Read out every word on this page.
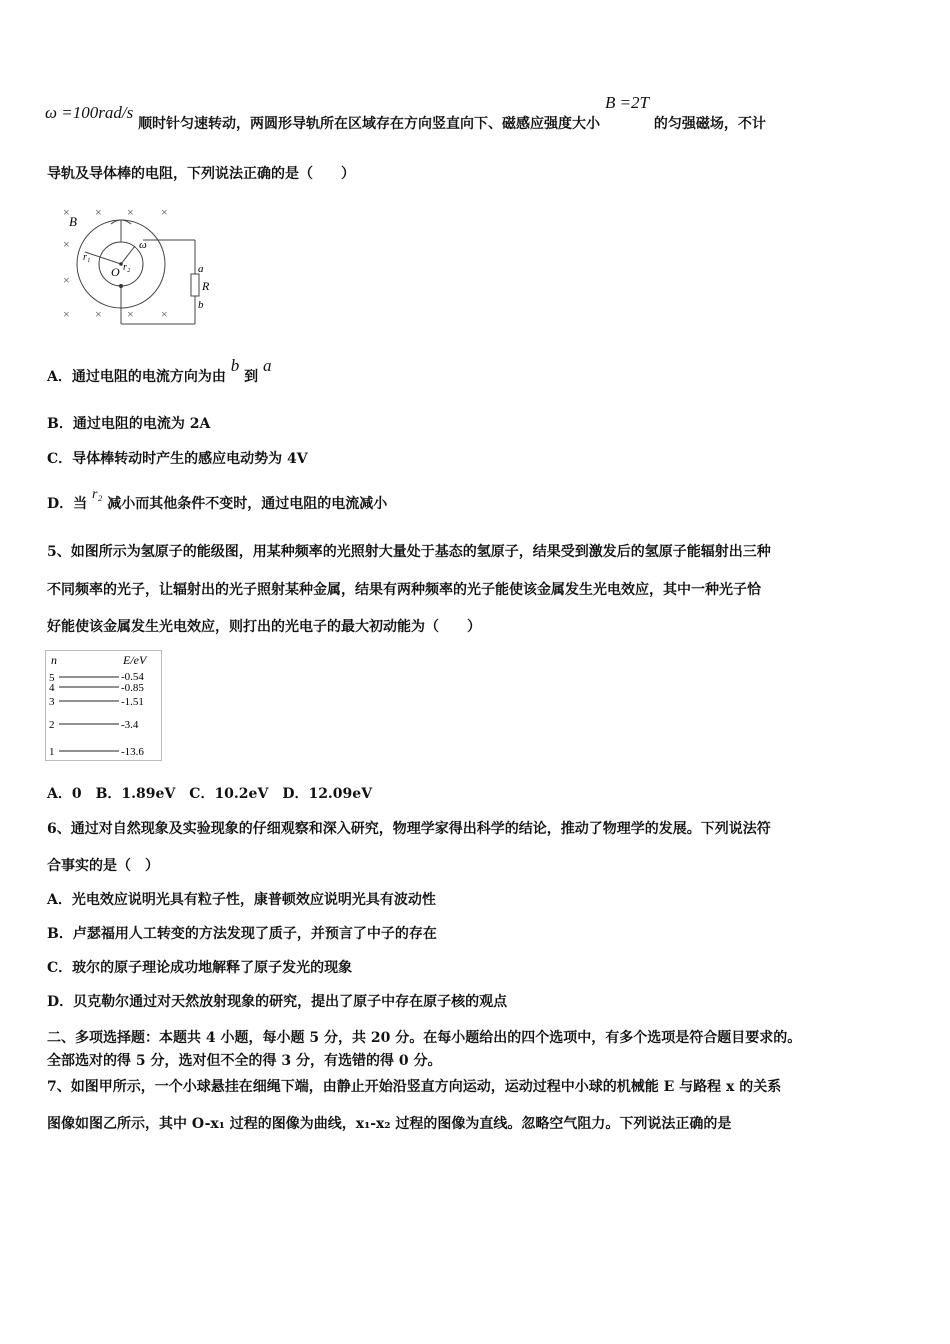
ω =100rad/s 顺时针匀速转动，两圆形导轨所在区域存在方向竖直向下、磁感应强度大小 B =2T 的匀强磁场，不计
导轨及导体棒的电阻，下列说法正确的是（　　）
× × × ×
×
×
× × × ×
B
r₁
O r₂
ω
a
R
b
A．通过电阻的电流方向为由 b 到 a
B．通过电阻的电流为 2A
C．导体棒转动时产生的感应电动势为 4V
D．当 r₂ 减小而其他条件不变时，通过电阻的电流减小
5、如图所示为氢原子的能级图，用某种频率的光照射大量处于基态的氢原子，结果受到激发后的氢原子能辐射出三种
不同频率的光子，让辐射出的光子照射某种金属，结果有两种频率的光子能使该金属发生光电效应，其中一种光子恰
好能使该金属发生光电效应，则打出的光电子的最大初动能为（　　）
n	E/eV
5
4
3
2
1
-0.54
-0.85
-1.51
-3.4
-13.6
A．0　B．1.89eV　C．10.2eV　D．12.09eV
6、通过对自然现象及实验现象的仔细观察和深入研究，物理学家得出科学的结论，推动了物理学的发展。下列说法符
合事实的是（　）
A．光电效应说明光具有粒子性，康普顿效应说明光具有波动性
B．卢瑟福用人工转变的方法发现了质子，并预言了中子的存在
C．玻尔的原子理论成功地解释了原子发光的现象
D．贝克勒尔通过对天然放射现象的研究，提出了原子中存在原子核的观点
二、多项选择题：本题共 4 小题，每小题 5 分，共 20 分。在每小题给出的四个选项中，有多个选项是符合题目要求的。
全部选对的得 5 分，选对但不全的得 3 分，有选错的得 0 分。
7、如图甲所示，一个小球悬挂在细绳下端，由静止开始沿竖直方向运动，运动过程中小球的机械能 E 与路程 x 的关系
图像如图乙所示，其中 O-x₁ 过程的图像为曲线，x₁-x₂ 过程的图像为直线。忽略空气阻力。下列说法正确的是
